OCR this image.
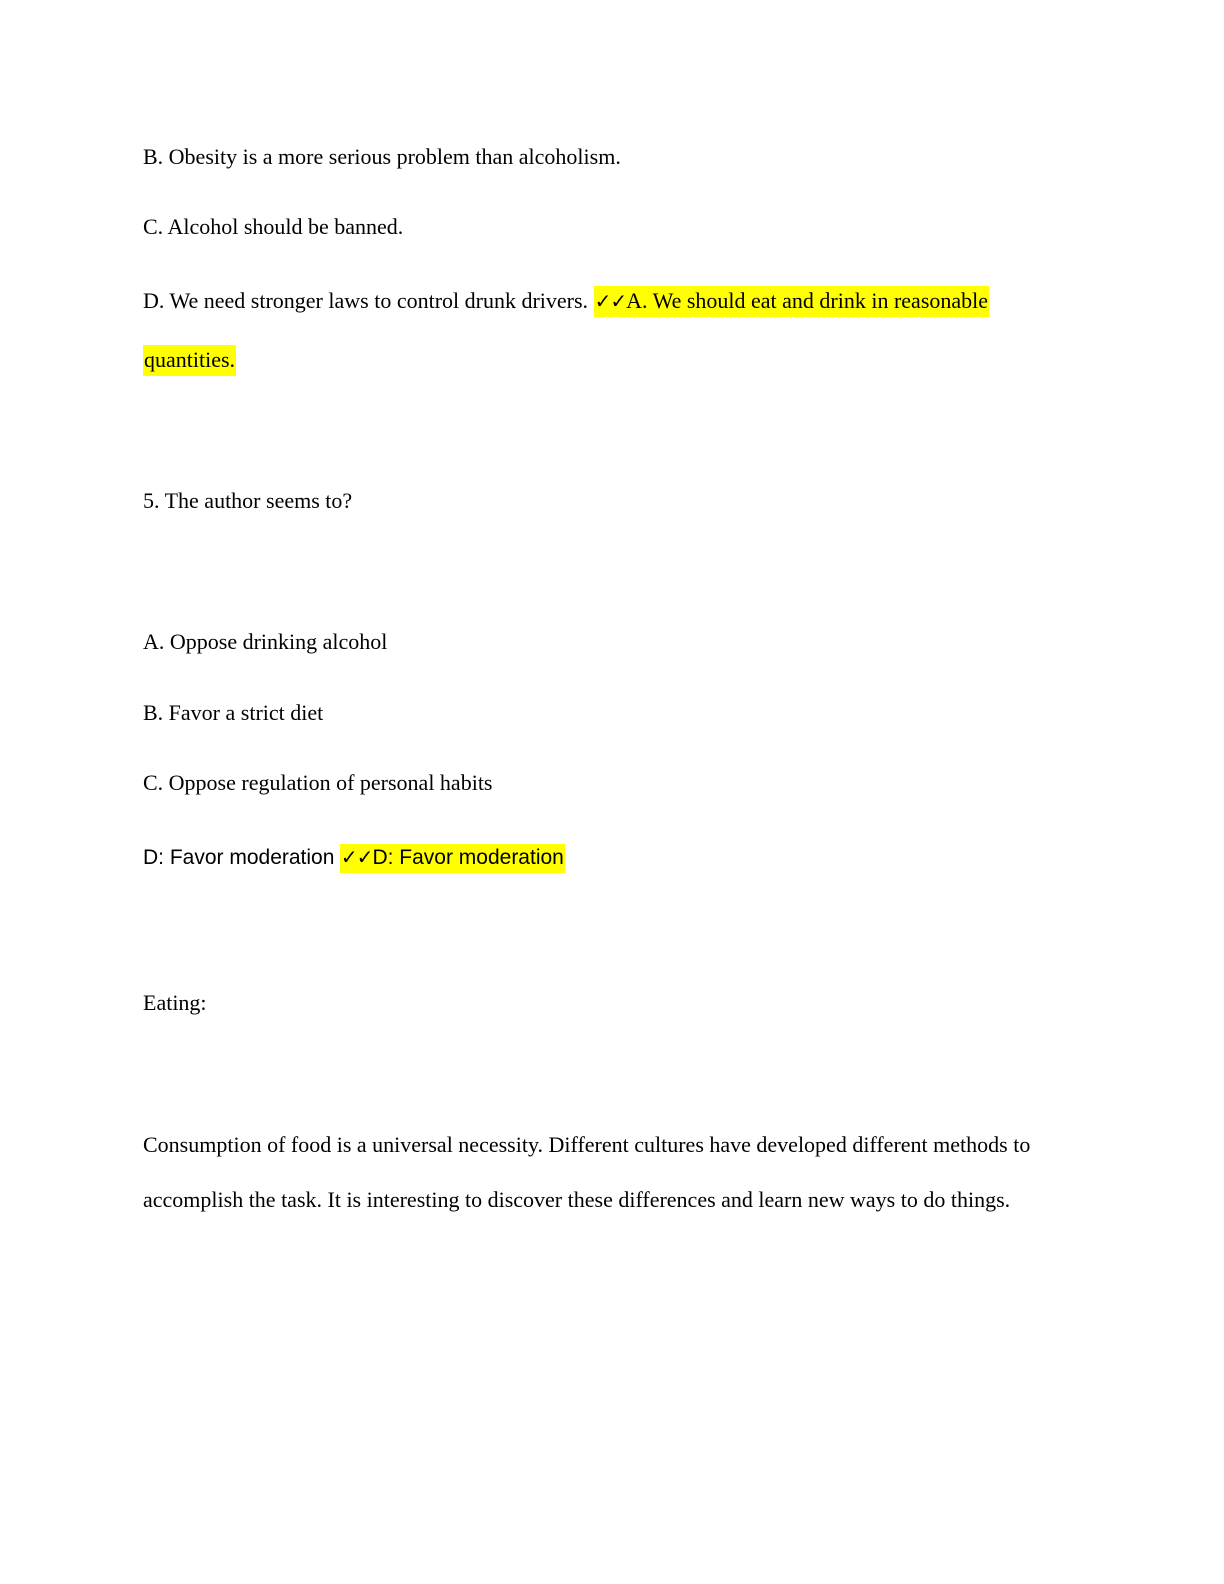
B. Obesity is a more serious problem than alcoholism.
C. Alcohol should be banned.
D. We need stronger laws to control drunk drivers. ✓✓A. We should eat and drink in reasonable
quantities.
5. The author seems to?
A. Oppose drinking alcohol
B. Favor a strict diet
C. Oppose regulation of personal habits
D: Favor moderation ✓✓D: Favor moderation
Eating:
Consumption of food is a universal necessity. Different cultures have developed different methods to accomplish the task. It is interesting to discover these differences and learn new ways to do things.
